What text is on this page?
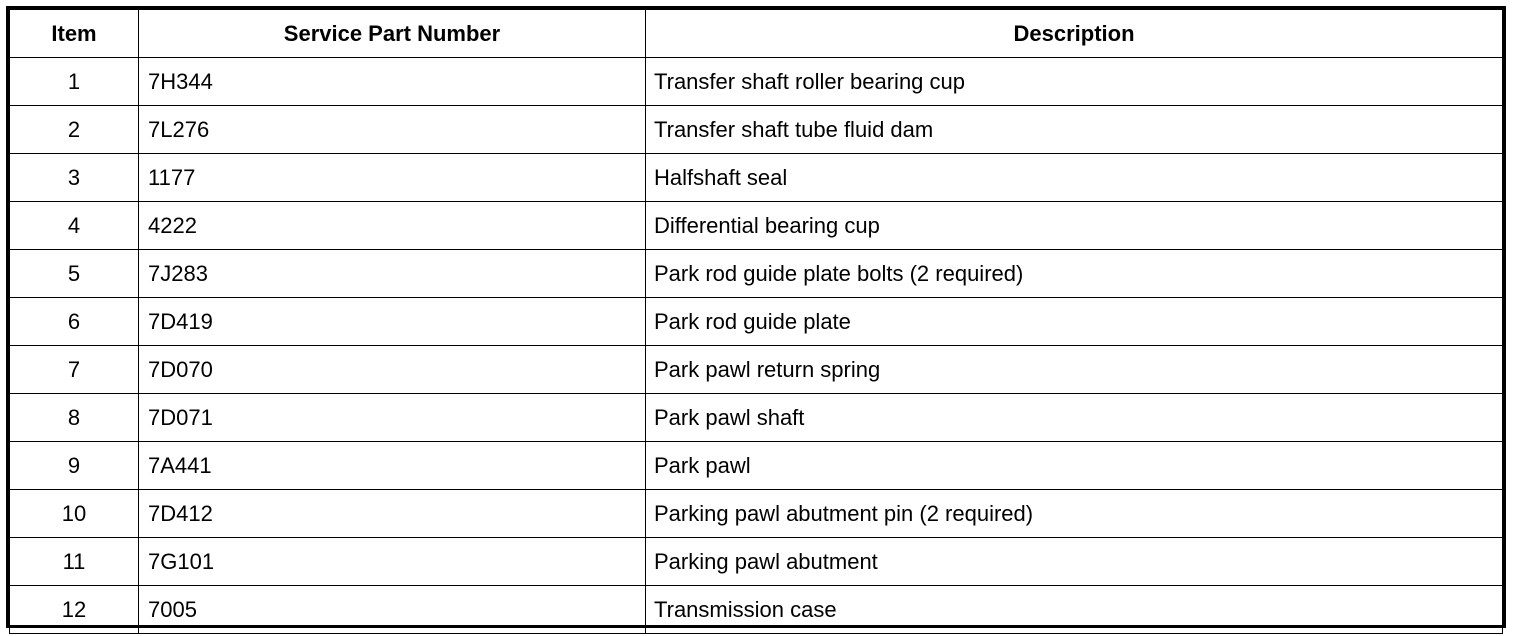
Item	Service Part Number	Description
1	7H344	Transfer shaft roller bearing cup
2	7L276	Transfer shaft tube fluid dam
3	1177	Halfshaft seal
4	4222	Differential bearing cup
5	7J283	Park rod guide plate bolts (2 required)
6	7D419	Park rod guide plate
7	7D070	Park pawl return spring
8	7D071	Park pawl shaft
9	7A441	Park pawl
10	7D412	Parking pawl abutment pin (2 required)
11	7G101	Parking pawl abutment
12	7005	Transmission case
